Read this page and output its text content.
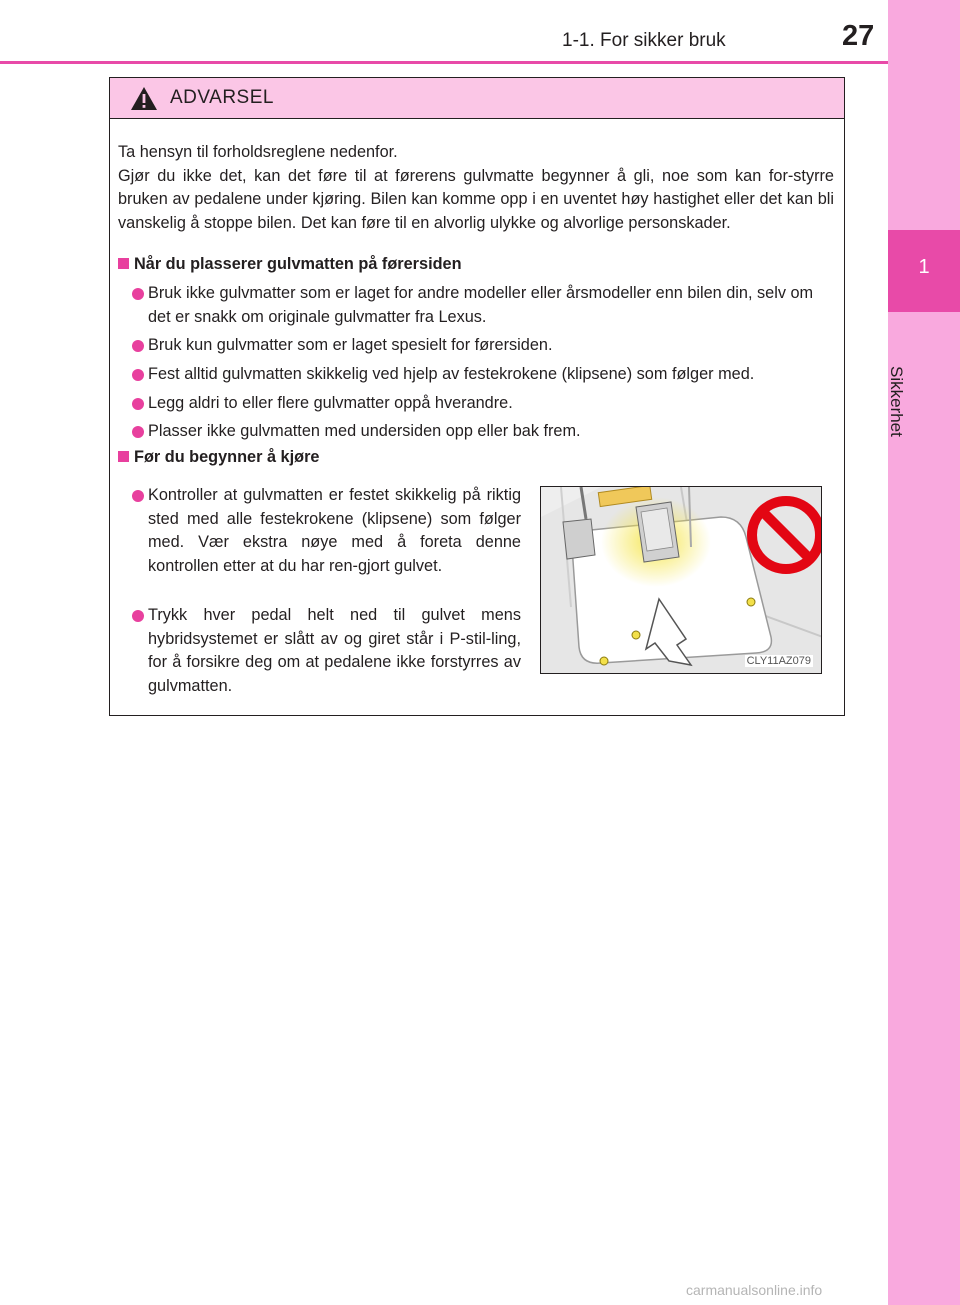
1-1. For sikker bruk	27
1
Sikkerhet
ADVARSEL
Ta hensyn til forholdsreglene nedenfor.
Gjør du ikke det, kan det føre til at førerens gulvmatte begynner å gli, noe som kan for-styrre bruken av pedalene under kjøring. Bilen kan komme opp i en uventet høy hastighet eller det kan bli vanskelig å stoppe bilen. Det kan føre til en alvorlig ulykke og alvorlige personskader.
Når du plasserer gulvmatten på førersiden
Bruk ikke gulvmatter som er laget for andre modeller eller årsmodeller enn bilen din, selv om det er snakk om originale gulvmatter fra Lexus.
Bruk kun gulvmatter som er laget spesielt for førersiden.
Fest alltid gulvmatten skikkelig ved hjelp av festekrokene (klipsene) som følger med.
Legg aldri to eller flere gulvmatter oppå hverandre.
Plasser ikke gulvmatten med undersiden opp eller bak frem.
Før du begynner å kjøre
Kontroller at gulvmatten er festet skikkelig på riktig sted med alle festekrokene (klipsene) som følger med. Vær ekstra nøye med å foreta denne kontrollen etter at du har ren-gjort gulvet.
Trykk hver pedal helt ned til gulvet mens hybridsystemet er slått av og giret står i P-stil-ling, for å forsikre deg om at pedalene ikke forstyrres av gulvmatten.
CLY11AZ079
carmanualsonline.info
